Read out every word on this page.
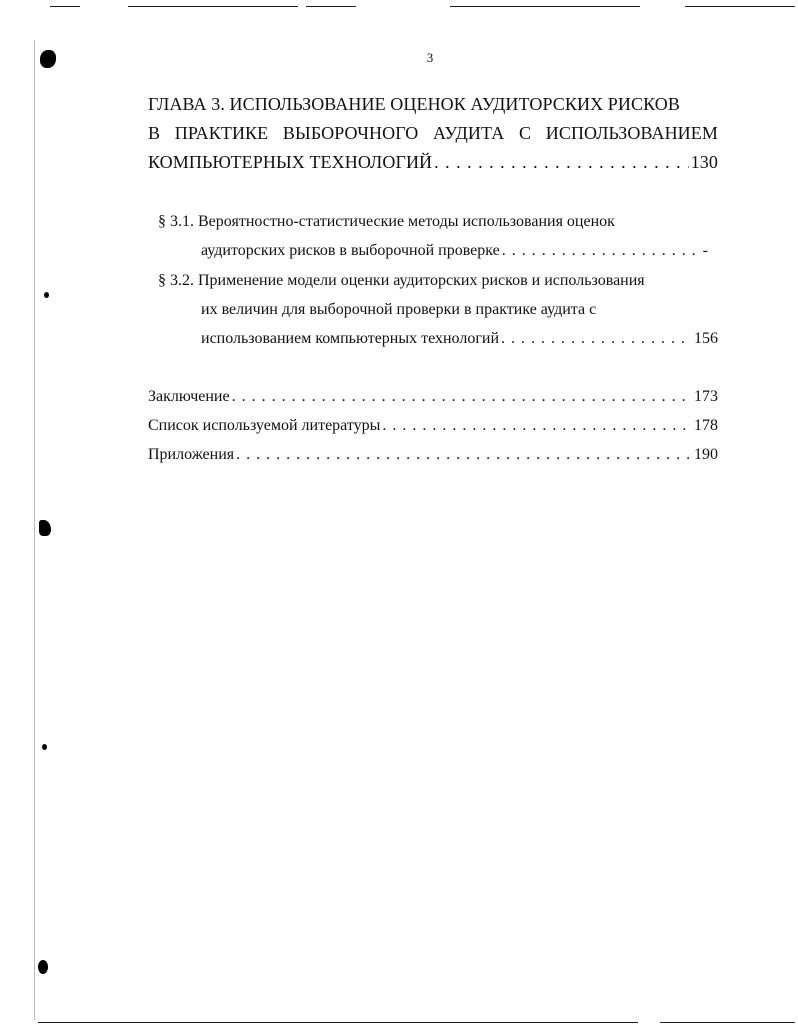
3
ГЛАВА 3. ИСПОЛЬЗОВАНИЕ ОЦЕНОК АУДИТОРСКИХ РИСКОВ
В ПРАКТИКЕ ВЫБОРОЧНОГО АУДИТА С ИСПОЛЬЗОВАНИЕМ
КОМПЬЮТЕРНЫХ ТЕХНОЛОГИЙ . . .	130
§ 3.1. Вероятностно-статистические методы использования оценок
аудиторских рисков в выборочной проверке . . .	-
§ 3.2. Применение модели оценки аудиторских рисков и использования
их величин для выборочной проверки в практике аудита с
использованием компьютерных технологий . . .	156
Заключение . . .	173
Список используемой литературы . . .	178
Приложения . . .	190
